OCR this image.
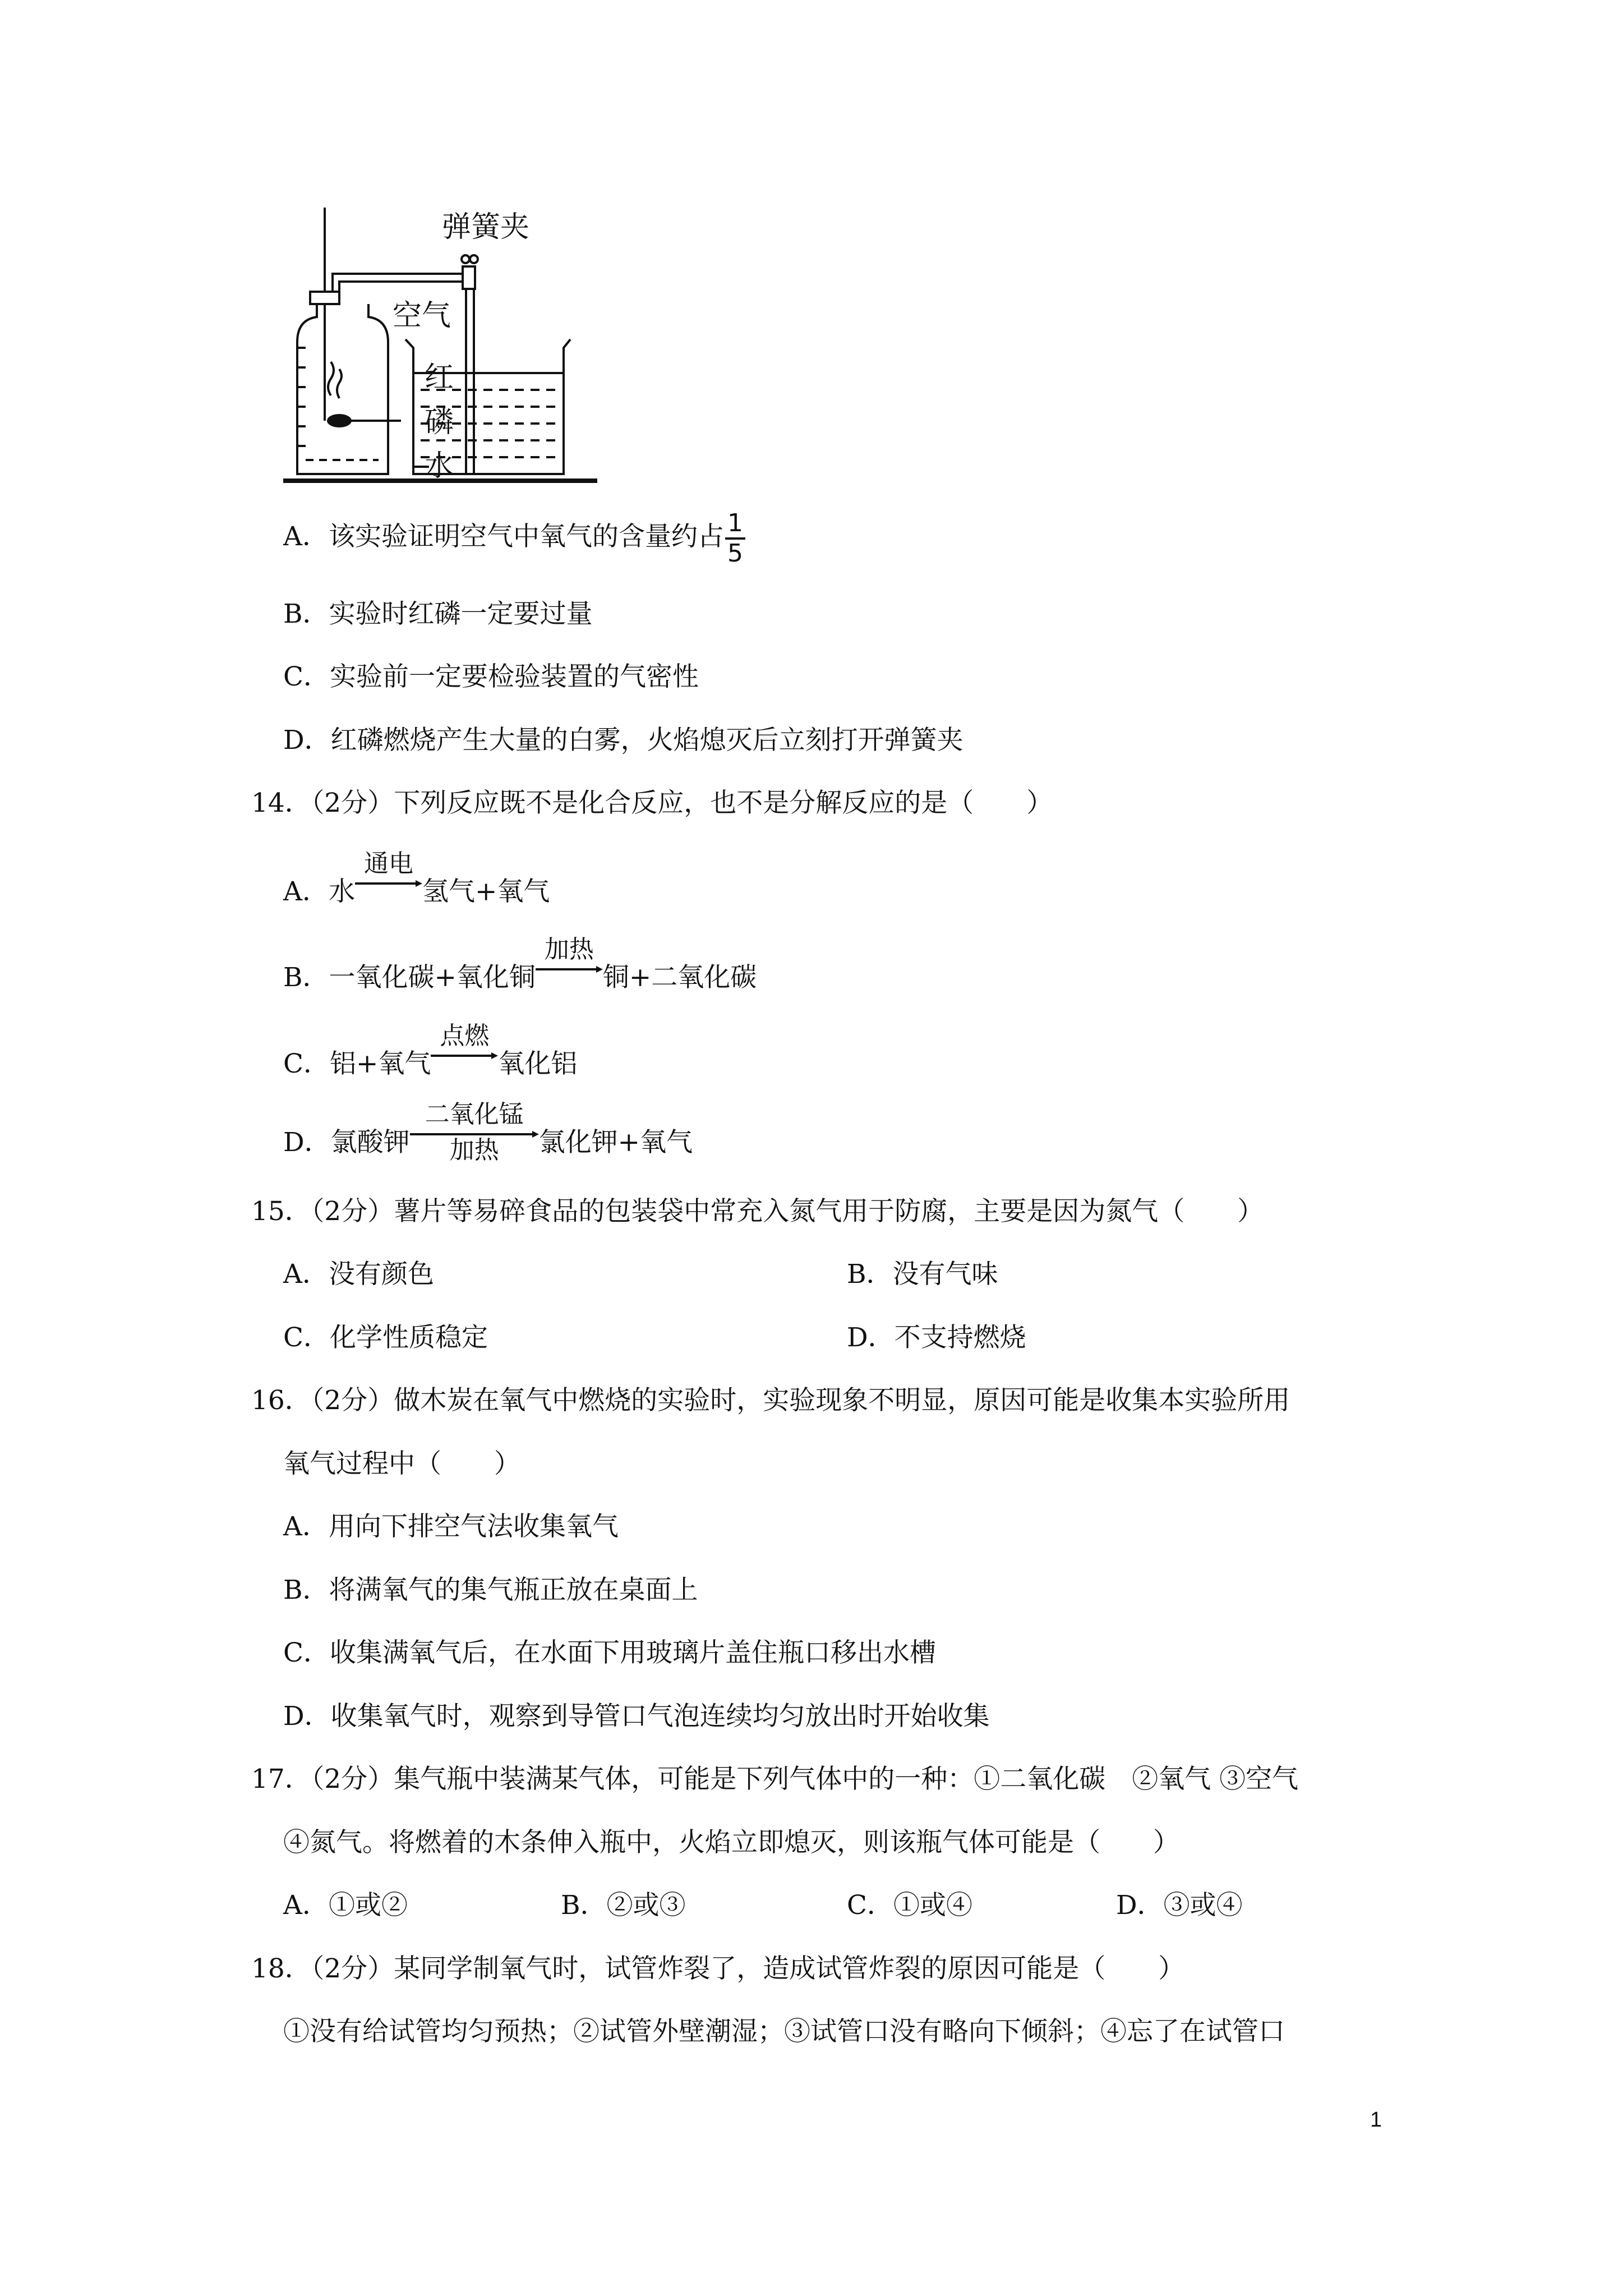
弹簧夹
空气
红
磷
水
A．该实验证明空气中氧气的含量约占 $\frac{1}{5}$
B．实验时红磷一定要过量
C．实验前一定要检验装置的气密性
D．红磷燃烧产生大量的白雾，火焰熄灭后立刻打开弹簧夹
14．（2分）下列反应既不是化合反应，也不是分解反应的是（　　）
A．水
通电
氢气+氧气
B．一氧化碳+氧化铜
加热
铜+二氧化碳
C．铝+氧气
点燃
氧化铝
D．氯酸钾
二氧化锰
加热	氯化钾+氧气
15．（2分）薯片等易碎食品的包装袋中常充入氮气用于防腐，主要是因为氮气（　　）
A．没有颜色	B．没有气味
C．化学性质稳定	D．不支持燃烧
16．（2分）做木炭在氧气中燃烧的实验时，实验现象不明显，原因可能是收集本实验所用
氧气过程中（　　）
A．用向下排空气法收集氧气
B．将满氧气的集气瓶正放在桌面上
C．收集满氧气后，在水面下用玻璃片盖住瓶口移出水槽
D．收集氧气时，观察到导管口气泡连续均匀放出时开始收集
17．（2分）集气瓶中装满某气体，可能是下列气体中的一种：①二氧化碳　②氧气 ③空气
④氮气。将燃着的木条伸入瓶中，火焰立即熄灭，则该瓶气体可能是（　　）
A．①或②	B．②或③	C．①或④	D．③或④
18．（2分）某同学制氧气时，试管炸裂了，造成试管炸裂的原因可能是（　　）
①没有给试管均匀预热；②试管外壁潮湿；③试管口没有略向下倾斜；④忘了在试管口
1
